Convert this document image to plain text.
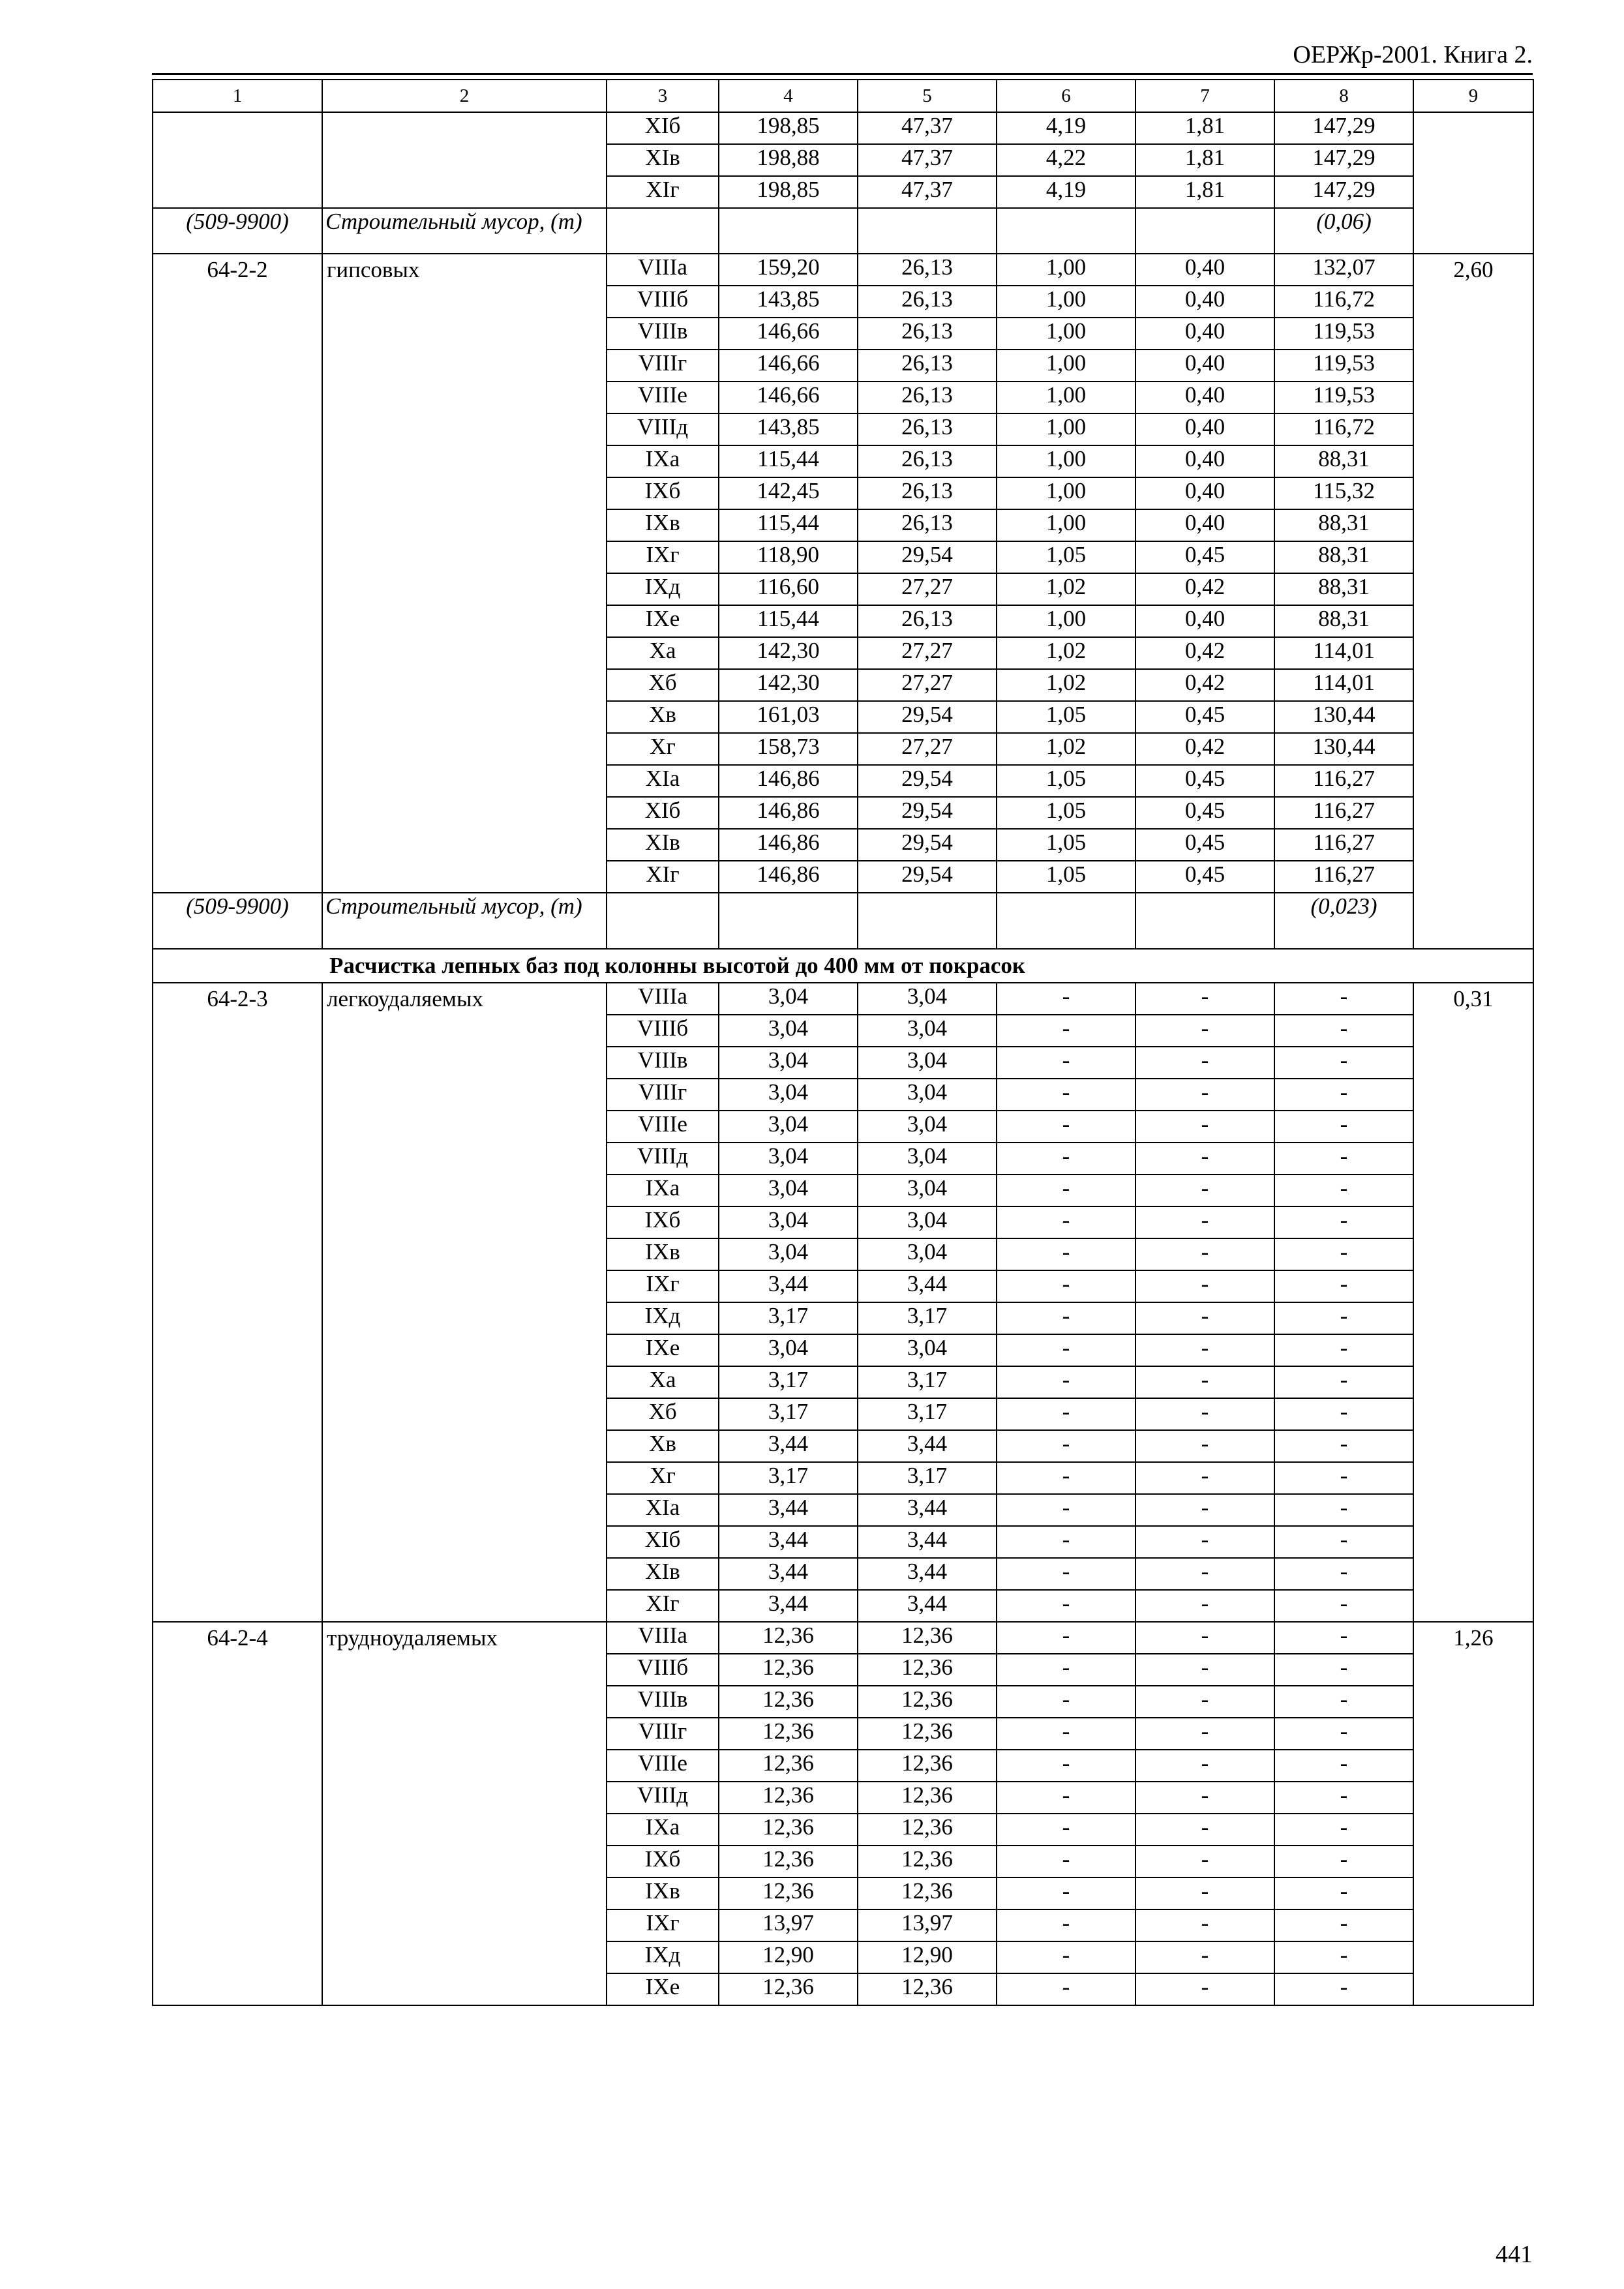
ОЕРЖр-2001. Книга 2.
1	2	3	4	5	6	7	8	9
		XIб	198,85	47,37	4,19	1,81	147,29	
		XIв	198,88	47,37	4,22	1,81	147,29	
		XIг	198,85	47,37	4,19	1,81	147,29	
(509-9900)	Строительный мусор, (т)						(0,06)	
64-2-2	гипсовых	VIIIа	159,20	26,13	1,00	0,40	132,07	2,60
		VIIIб	143,85	26,13	1,00	0,40	116,72	
		VIIIв	146,66	26,13	1,00	0,40	119,53	
		VIIIг	146,66	26,13	1,00	0,40	119,53	
		VIIIе	146,66	26,13	1,00	0,40	119,53	
		VIIIд	143,85	26,13	1,00	0,40	116,72	
		IXа	115,44	26,13	1,00	0,40	88,31	
		IXб	142,45	26,13	1,00	0,40	115,32	
		IXв	115,44	26,13	1,00	0,40	88,31	
		IXг	118,90	29,54	1,05	0,45	88,31	
		IXд	116,60	27,27	1,02	0,42	88,31	
		IXе	115,44	26,13	1,00	0,40	88,31	
		Xа	142,30	27,27	1,02	0,42	114,01	
		Xб	142,30	27,27	1,02	0,42	114,01	
		Xв	161,03	29,54	1,05	0,45	130,44	
		Xг	158,73	27,27	1,02	0,42	130,44	
		XIа	146,86	29,54	1,05	0,45	116,27	
		XIб	146,86	29,54	1,05	0,45	116,27	
		XIв	146,86	29,54	1,05	0,45	116,27	
		XIг	146,86	29,54	1,05	0,45	116,27	
(509-9900)	Строительный мусор, (т)						(0,023)	
Расчистка лепных баз под колонны высотой до 400 мм от покрасок								
64-2-3	легкоудаляемых	VIIIа	3,04	3,04	-	-	-	0,31
		VIIIб	3,04	3,04	-	-	-	
		VIIIв	3,04	3,04	-	-	-	
		VIIIг	3,04	3,04	-	-	-	
		VIIIе	3,04	3,04	-	-	-	
		VIIIд	3,04	3,04	-	-	-	
		IXа	3,04	3,04	-	-	-	
		IXб	3,04	3,04	-	-	-	
		IXв	3,04	3,04	-	-	-	
		IXг	3,44	3,44	-	-	-	
		IXд	3,17	3,17	-	-	-	
		IXе	3,04	3,04	-	-	-	
		Xа	3,17	3,17	-	-	-	
		Xб	3,17	3,17	-	-	-	
		Xв	3,44	3,44	-	-	-	
		Xг	3,17	3,17	-	-	-	
		XIа	3,44	3,44	-	-	-	
		XIб	3,44	3,44	-	-	-	
		XIв	3,44	3,44	-	-	-	
		XIг	3,44	3,44	-	-	-	
64-2-4	трудноудаляемых	VIIIа	12,36	12,36	-	-	-	1,26
		VIIIб	12,36	12,36	-	-	-	
		VIIIв	12,36	12,36	-	-	-	
		VIIIг	12,36	12,36	-	-	-	
		VIIIе	12,36	12,36	-	-	-	
		VIIIд	12,36	12,36	-	-	-	
		IXа	12,36	12,36	-	-	-	
		IXб	12,36	12,36	-	-	-	
		IXв	12,36	12,36	-	-	-	
		IXг	13,97	13,97	-	-	-	
		IXд	12,90	12,90	-	-	-	
		IXе	12,36	12,36	-	-	-	
441
